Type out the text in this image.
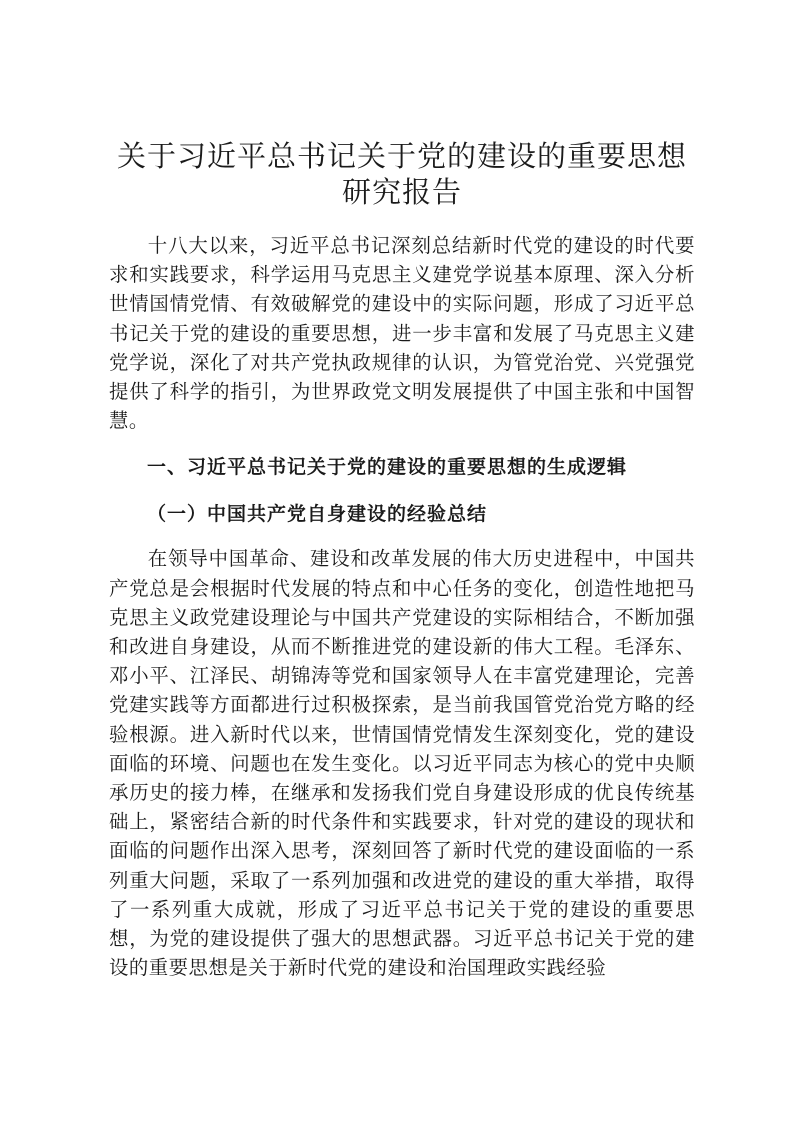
关于习近平总书记关于党的建设的重要思想研究报告

十八大以来，习近平总书记深刻总结新时代党的建设的时代要求和实践要求，科学运用马克思主义建党学说基本原理、深入分析世情国情党情、有效破解党的建设中的实际问题，形成了习近平总书记关于党的建设的重要思想，进一步丰富和发展了马克思主义建党学说，深化了对共产党执政规律的认识，为管党治党、兴党强党提供了科学的指引，为世界政党文明发展提供了中国主张和中国智慧。

一、习近平总书记关于党的建设的重要思想的生成逻辑
（一）中国共产党自身建设的经验总结

在领导中国革命、建设和改革发展的伟大历史进程中，中国共产党总是会根据时代发展的特点和中心任务的变化，创造性地把马克思主义政党建设理论与中国共产党建设的实际相结合，不断加强和改进自身建设，从而不断推进党的建设新的伟大工程。毛泽东、邓小平、江泽民、胡锦涛等党和国家领导人在丰富党建理论，完善党建实践等方面都进行过积极探索，是当前我国管党治党方略的经验根源。进入新时代以来，世情国情党情发生深刻变化，党的建设面临的环境、问题也在发生变化。以习近平同志为核心的党中央顺承历史的接力棒，在继承和发扬我们党自身建设形成的优良传统基础上，紧密结合新的时代条件和实践要求，针对党的建设的现状和面临的问题作出深入思考，深刻回答了新时代党的建设面临的一系列重大问题，采取了一系列加强和改进党的建设的重大举措，取得了一系列重大成就，形成了习近平总书记关于党的建设的重要思想，为党的建设提供了强大的思想武器。习近平总书记关于党的建设的重要思想是关于新时代党的建设和治国理政实践经验
